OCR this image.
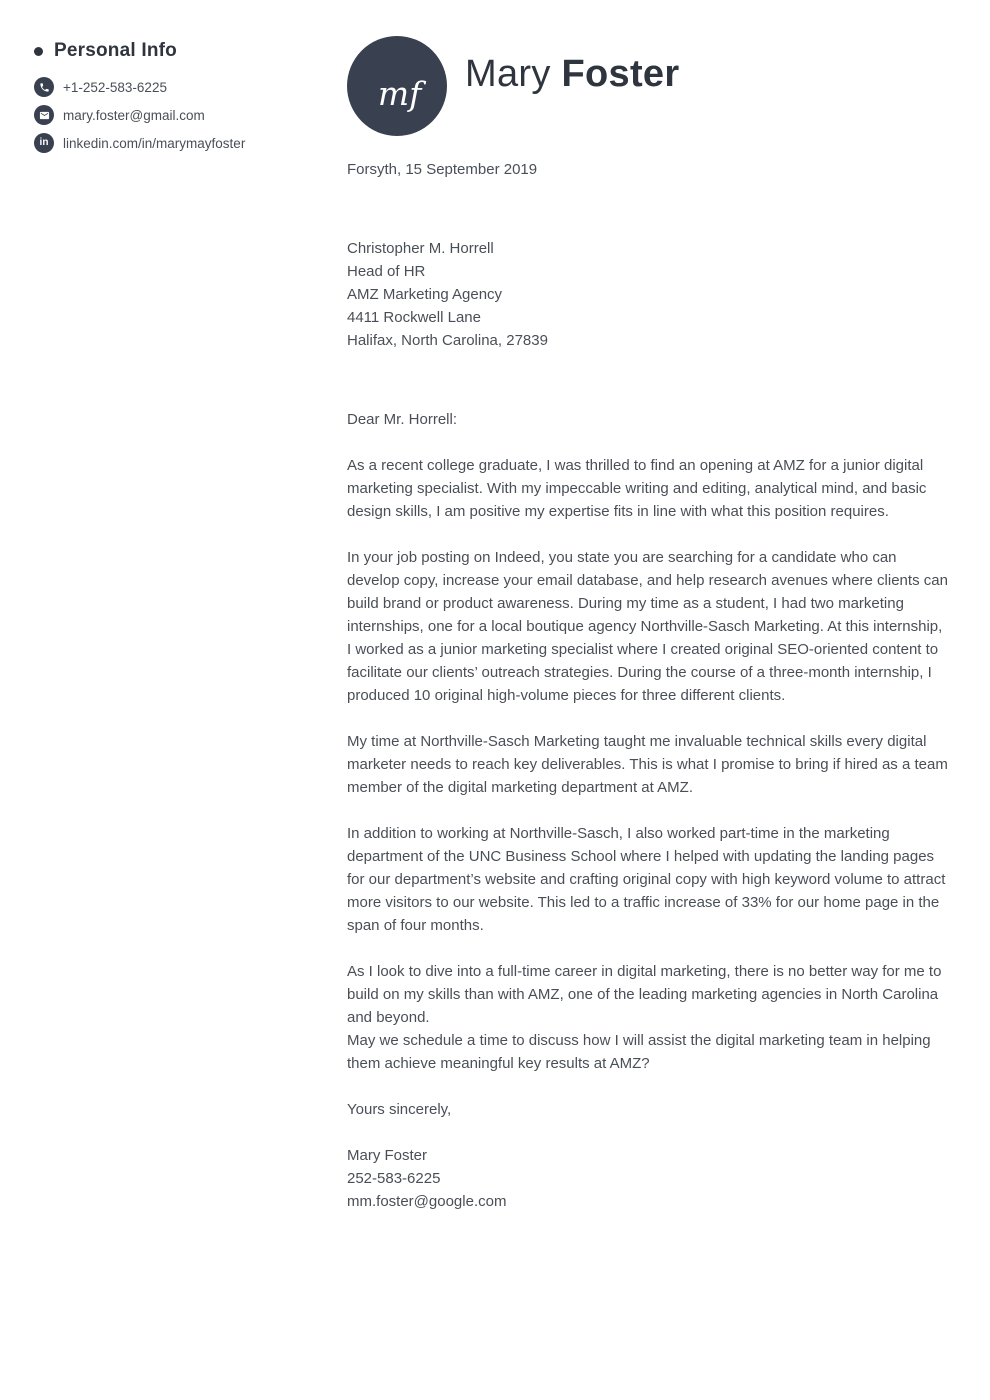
Personal Info
+1-252-583-6225
mary.foster@gmail.com
in linkedin.com/in/marymayfoster
mf Mary Foster

Forsyth, 15 September 2019

Christopher M. Horrell

Head of HR

AMZ Marketing Agency

4411 Rockwell Lane

Halifax, North Carolina, 27839

Dear Mr. Horrell:

As a recent college graduate, I was thrilled to find an opening at AMZ for a junior digital marketing specialist. With my impeccable writing and editing, analytical mind, and basic design skills, I am positive my expertise fits in line with what this position requires.

In your job posting on Indeed, you state you are searching for a candidate who can develop copy, increase your email database, and help research avenues where clients can build brand or product awareness. During my time as a student, I had two marketing internships, one for a local boutique agency Northville-Sasch Marketing. At this internship, I worked as a junior marketing specialist where I created original SEO-oriented content to facilitate our clients’ outreach strategies. During the course of a three-month internship, I produced 10 original high-volume pieces for three different clients.

My time at Northville-Sasch Marketing taught me invaluable technical skills every digital marketer needs to reach key deliverables. This is what I promise to bring if hired as a team member of the digital marketing department at AMZ.

In addition to working at Northville-Sasch, I also worked part-time in the marketing department of the UNC Business School where I helped with updating the landing pages for our department’s website and crafting original copy with high keyword volume to attract more visitors to our website. This led to a traffic increase of 33% for our home page in the span of four months.

As I look to dive into a full-time career in digital marketing, there is no better way for me to build on my skills than with AMZ, one of the leading marketing agencies in North Carolina and beyond.

May we schedule a time to discuss how I will assist the digital marketing team in helping them achieve meaningful key results at AMZ?

Yours sincerely,

Mary Foster

252-583-6225

mm.foster@google.com
